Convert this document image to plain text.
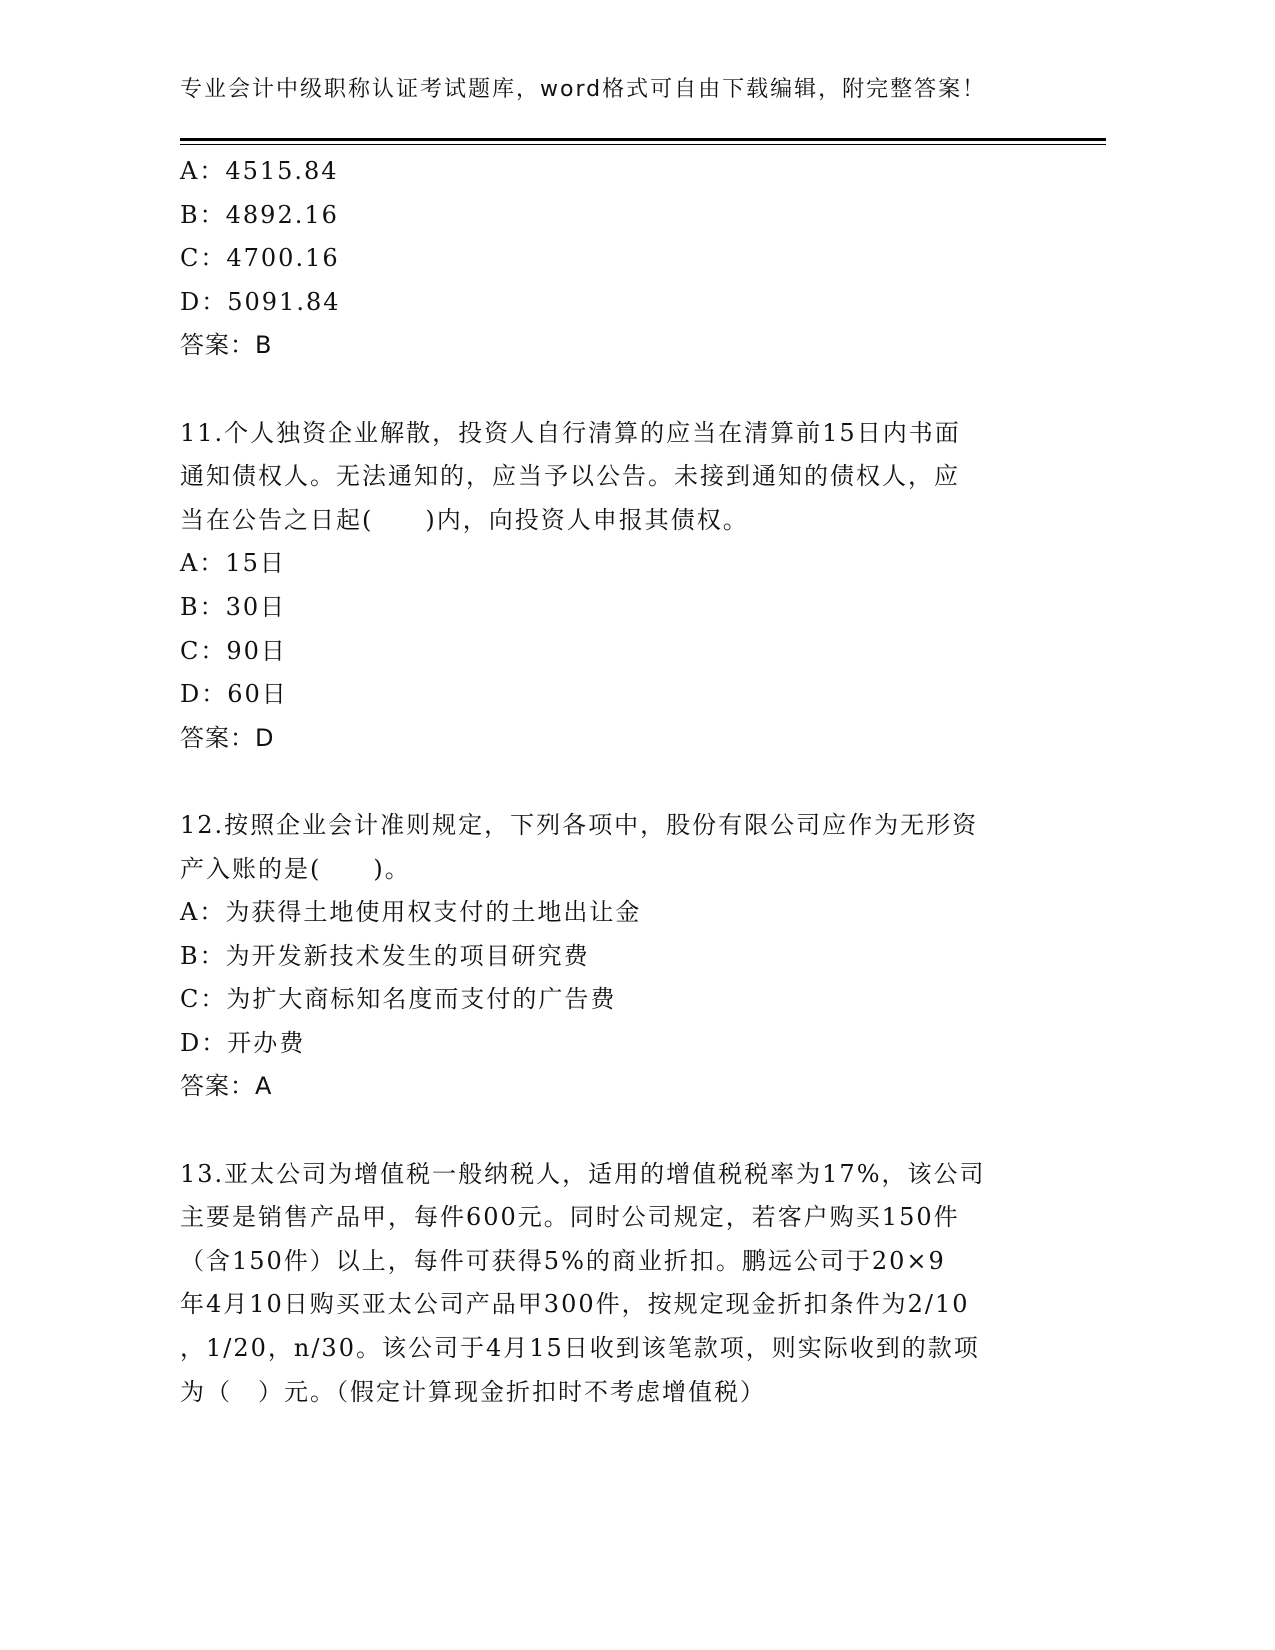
专业会计中级职称认证考试题库，word格式可自由下载编辑，附完整答案！
A：4515.84
B：4892.16
C：4700.16
D：5091.84
答案：B
11.个人独资企业解散，投资人自行清算的应当在清算前15日内书面
通知债权人。无法通知的，应当予以公告。未接到通知的债权人，应
当在公告之日起(　　)内，向投资人申报其债权。
A：15日
B：30日
C：90日
D：60日
答案：D
12.按照企业会计准则规定，下列各项中，股份有限公司应作为无形资
产入账的是(　　)。
A：为获得土地使用权支付的土地出让金
B：为开发新技术发生的项目研究费
C：为扩大商标知名度而支付的广告费
D：开办费
答案：A
13.亚太公司为增值税一般纳税人，适用的增值税税率为17%，该公司
主要是销售产品甲，每件600元。同时公司规定，若客户购买150件
（含150件）以上，每件可获得5%的商业折扣。鹏远公司于20×9
年4月10日购买亚太公司产品甲300件，按规定现金折扣条件为2/10
，1/20，n/30。该公司于4月15日收到该笔款项，则实际收到的款项
为（　）元。（假定计算现金折扣时不考虑增值税）
